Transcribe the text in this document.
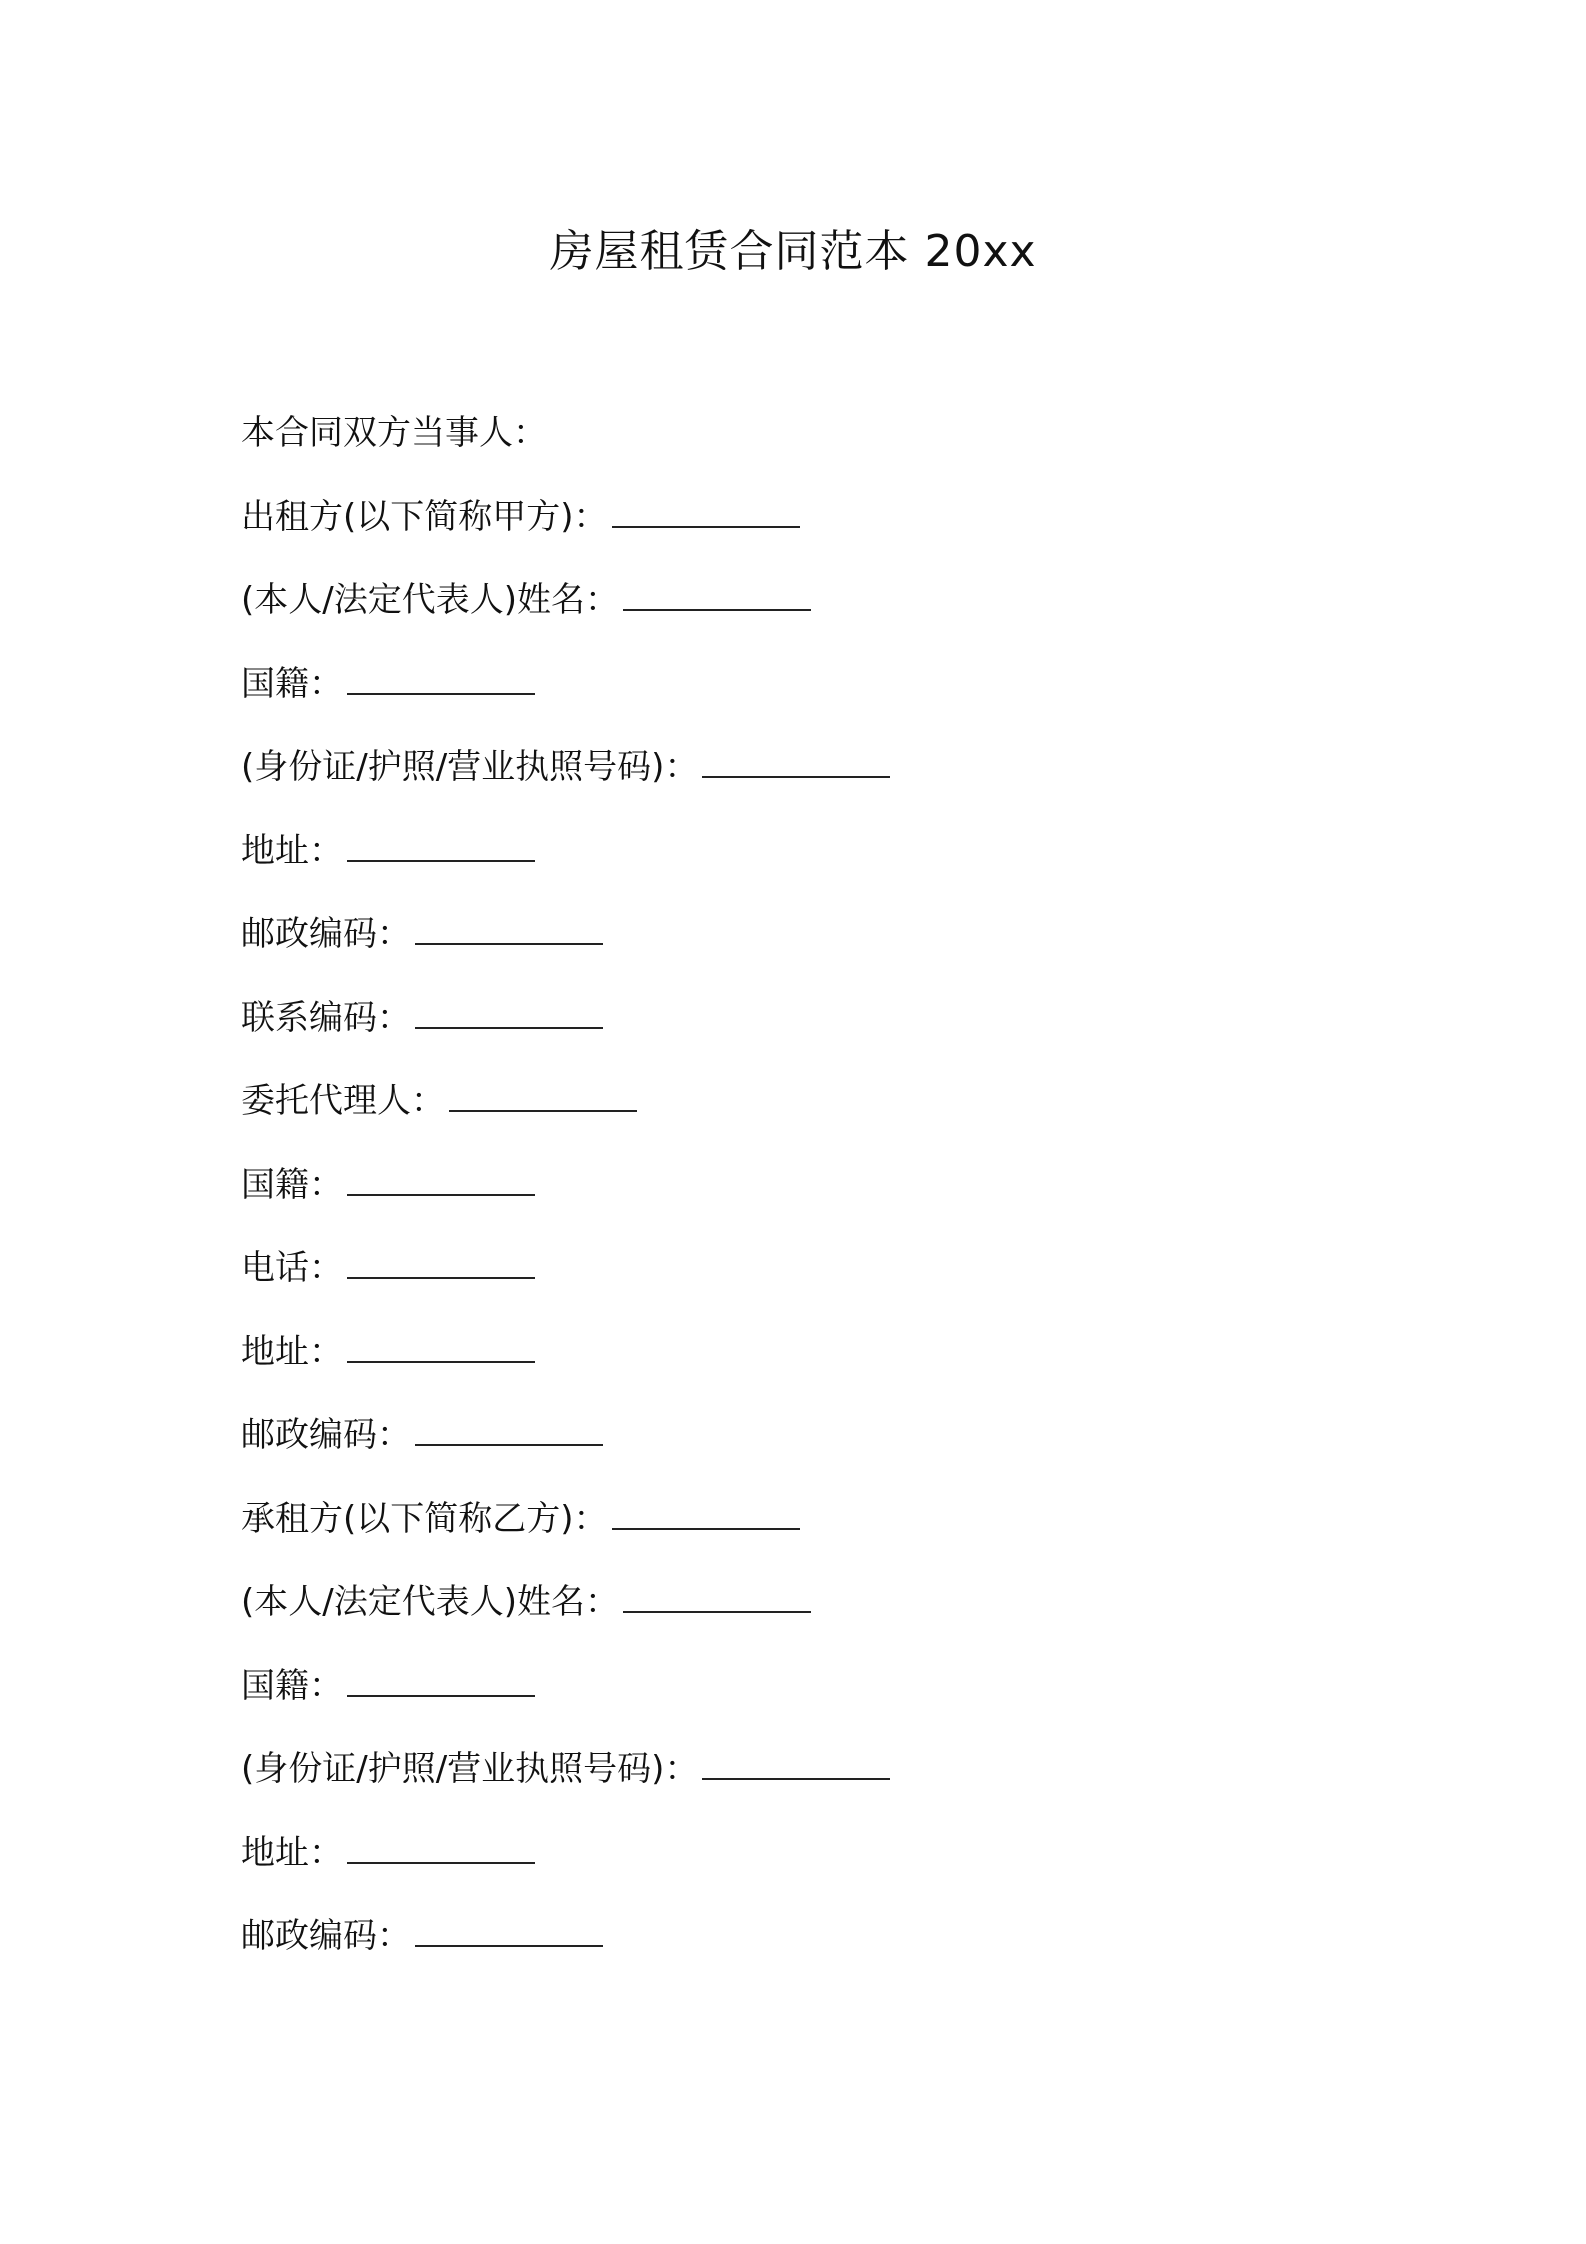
房屋租赁合同范本 20xx
本合同双方当事人：
出租方(以下简称甲方)：
(本人/法定代表人)姓名：
国籍：
(身份证/护照/营业执照号码)：
地址：
邮政编码：
联系编码：
委托代理人：
国籍：
电话：
地址：
邮政编码：
承租方(以下简称乙方)：
(本人/法定代表人)姓名：
国籍：
(身份证/护照/营业执照号码)：
地址：
邮政编码：
